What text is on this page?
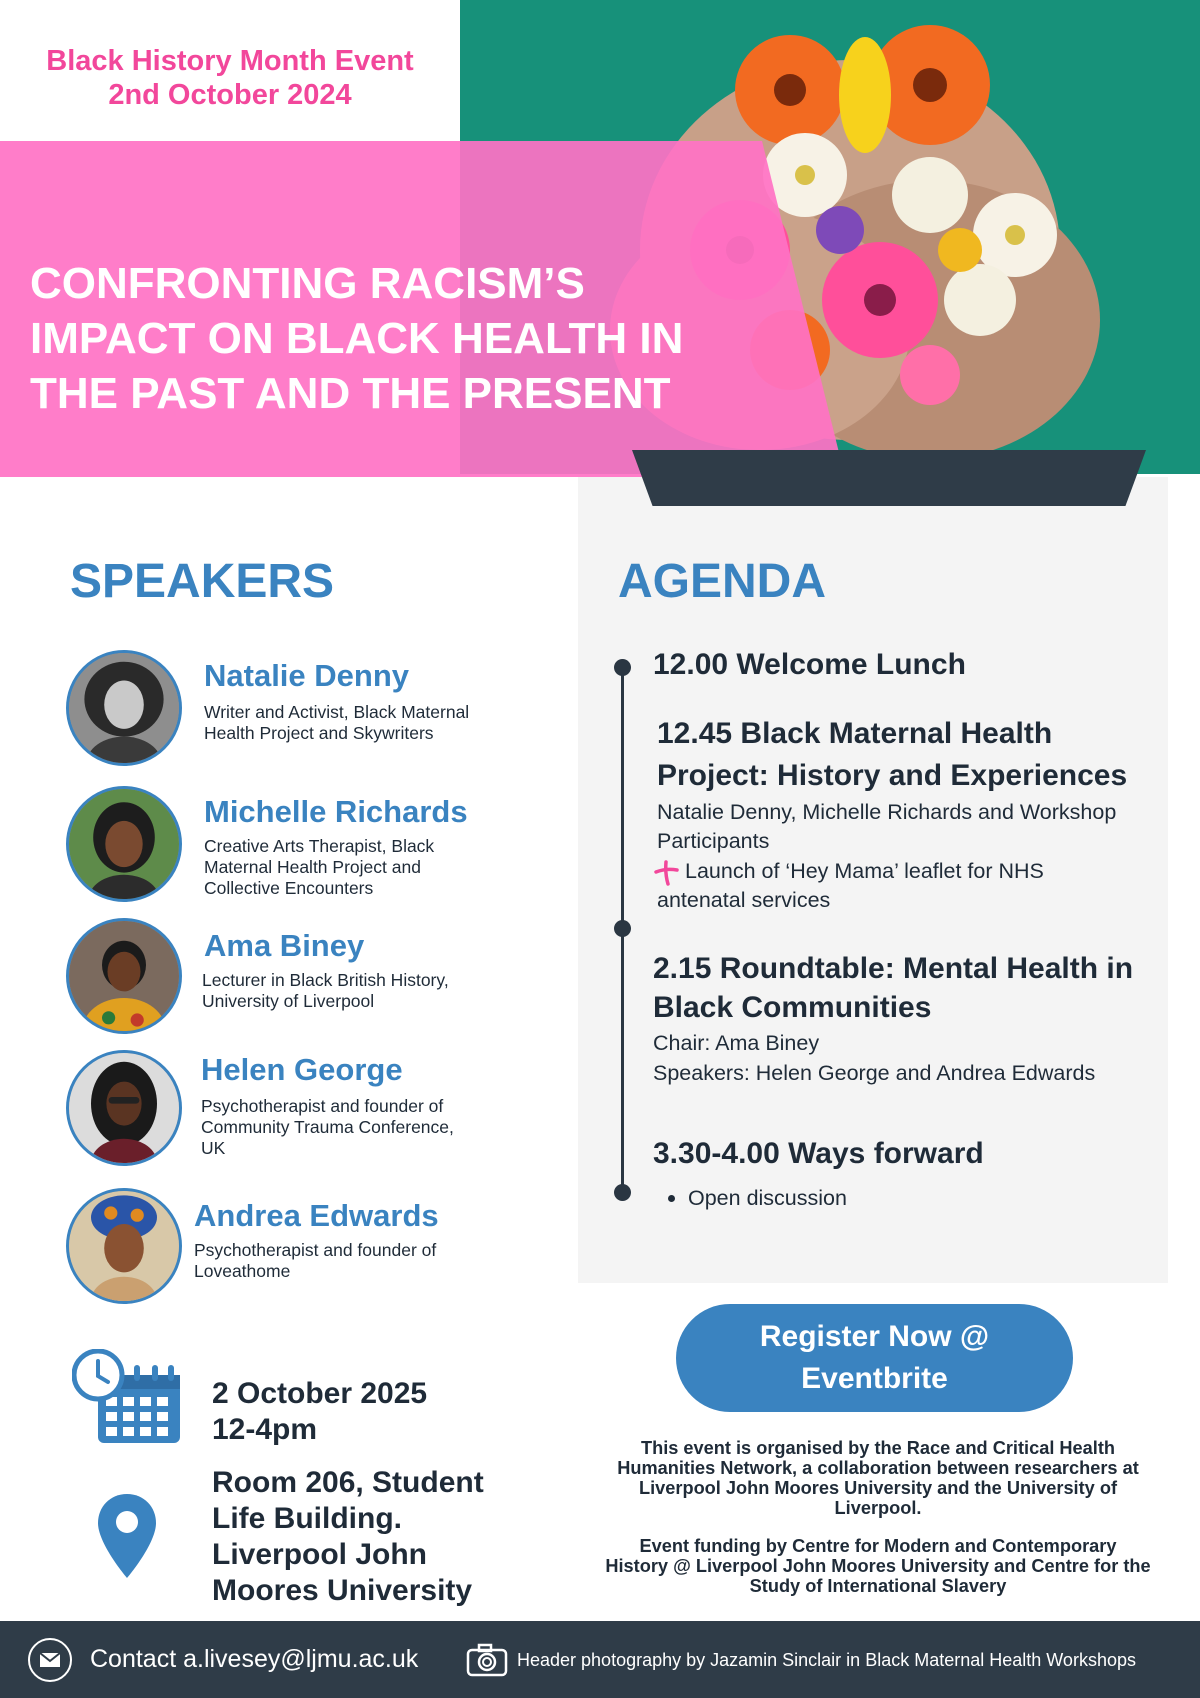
Black History Month Event
2nd October 2024
CONFRONTING RACISM’S
IMPACT ON BLACK HEALTH IN
THE PAST AND THE PRESENT
SPEAKERS	AGENDA
Natalie Denny
Writer and Activist, Black Maternal
Health Project and Skywriters
Michelle Richards
Creative Arts Therapist, Black
Maternal Health Project and
Collective Encounters
Ama Biney
Lecturer in Black British History,
University of Liverpool
Helen George
Psychotherapist and founder of
Community Trauma Conference,
UK
Andrea Edwards
Psychotherapist and founder of
Loveathome
12.00 Welcome Lunch
12.45 Black Maternal Health
Project: History and Experiences
Natalie Denny, Michelle Richards and Workshop
Participants
Launch of ‘Hey Mama’ leaflet for NHS
antenatal services
2.15 Roundtable: Mental Health in
Black Communities
Chair: Ama Biney
Speakers: Helen George and Andrea Edwards
3.30-4.00 Ways forward
Open discussion
2 October 2025
12-4pm
Room 206, Student
Life Building.
Liverpool John
Moores University
Register Now @
Eventbrite
This event is organised by the Race and Critical Health
Humanities Network, a collaboration between researchers at
Liverpool John Moores University and the University of
Liverpool.
Event funding by Centre for Modern and Contemporary
History @ Liverpool John Moores University and Centre for the
Study of International Slavery
Contact a.livesey@ljmu.ac.uk	Header photography by Jazamin Sinclair in Black Maternal Health Workshops
